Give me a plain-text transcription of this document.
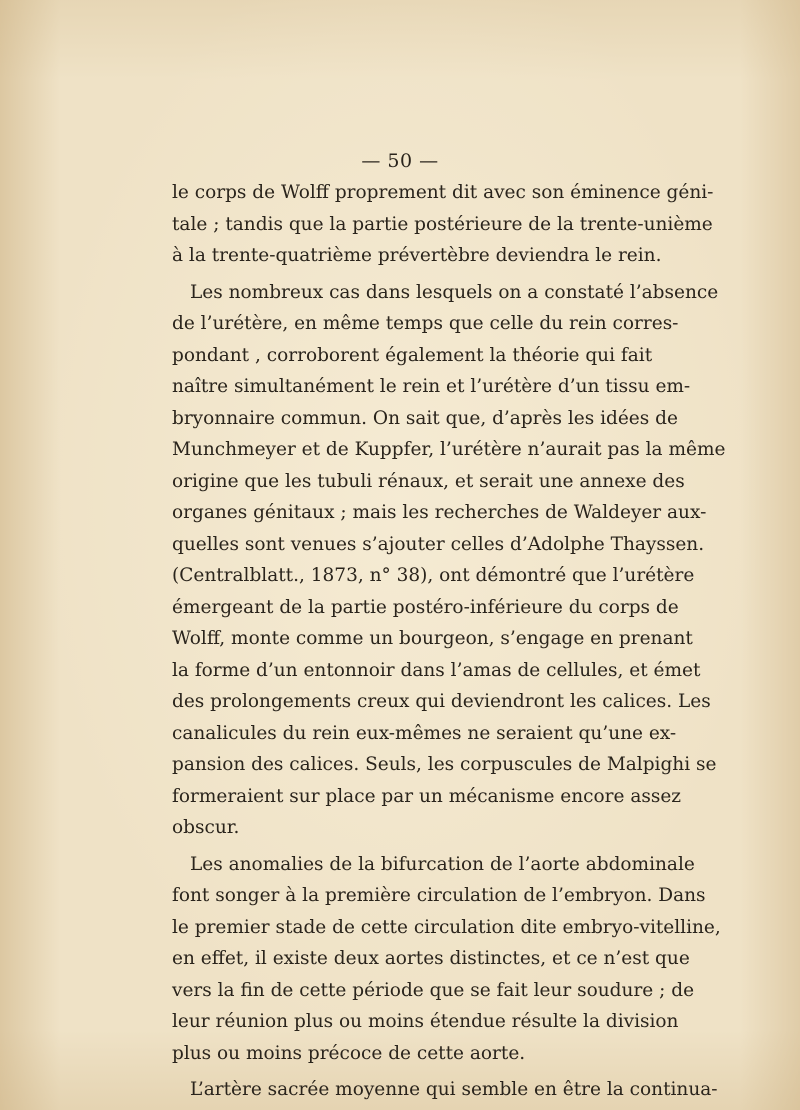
— 50 —
le corps de Wolff proprement dit avec son éminence géni-
tale ; tandis que la partie postérieure de la trente-unième
à la trente-quatrième prévertèbre deviendra le rein.
Les nombreux cas dans lesquels on a constaté l’absence
de l’urétère, en même temps que celle du rein corres-
pondant , corroborent également la théorie qui fait
naître simultanément le rein et l’urétère d’un tissu em-
bryonnaire commun. On sait que, d’après les idées de
Munchmeyer et de Kuppfer, l’urétère n’aurait pas la même
origine que les tubuli rénaux, et serait une annexe des
organes génitaux ; mais les recherches de Waldeyer aux-
quelles sont venues s’ajouter celles d’Adolphe Thayssen.
(Centralblatt., 1873, n° 38), ont démontré que l’urétère
émergeant de la partie postéro-inférieure du corps de
Wolff, monte comme un bourgeon, s’engage en prenant
la forme d’un entonnoir dans l’amas de cellules, et émet
des prolongements creux qui deviendront les calices. Les
canalicules du rein eux-mêmes ne seraient qu’une ex-
pansion des calices. Seuls, les corpuscules de Malpighi se
formeraient sur place par un mécanisme encore assez
obscur.
Les anomalies de la bifurcation de l’aorte abdominale
font songer à la première circulation de l’embryon. Dans
le premier stade de cette circulation dite embryo-vitelline,
en effet, il existe deux aortes distinctes, et ce n’est que
vers la fin de cette période que se fait leur soudure ; de
leur réunion plus ou moins étendue résulte la division
plus ou moins précoce de cette aorte.
L’artère sacrée moyenne qui semble en être la continua-
